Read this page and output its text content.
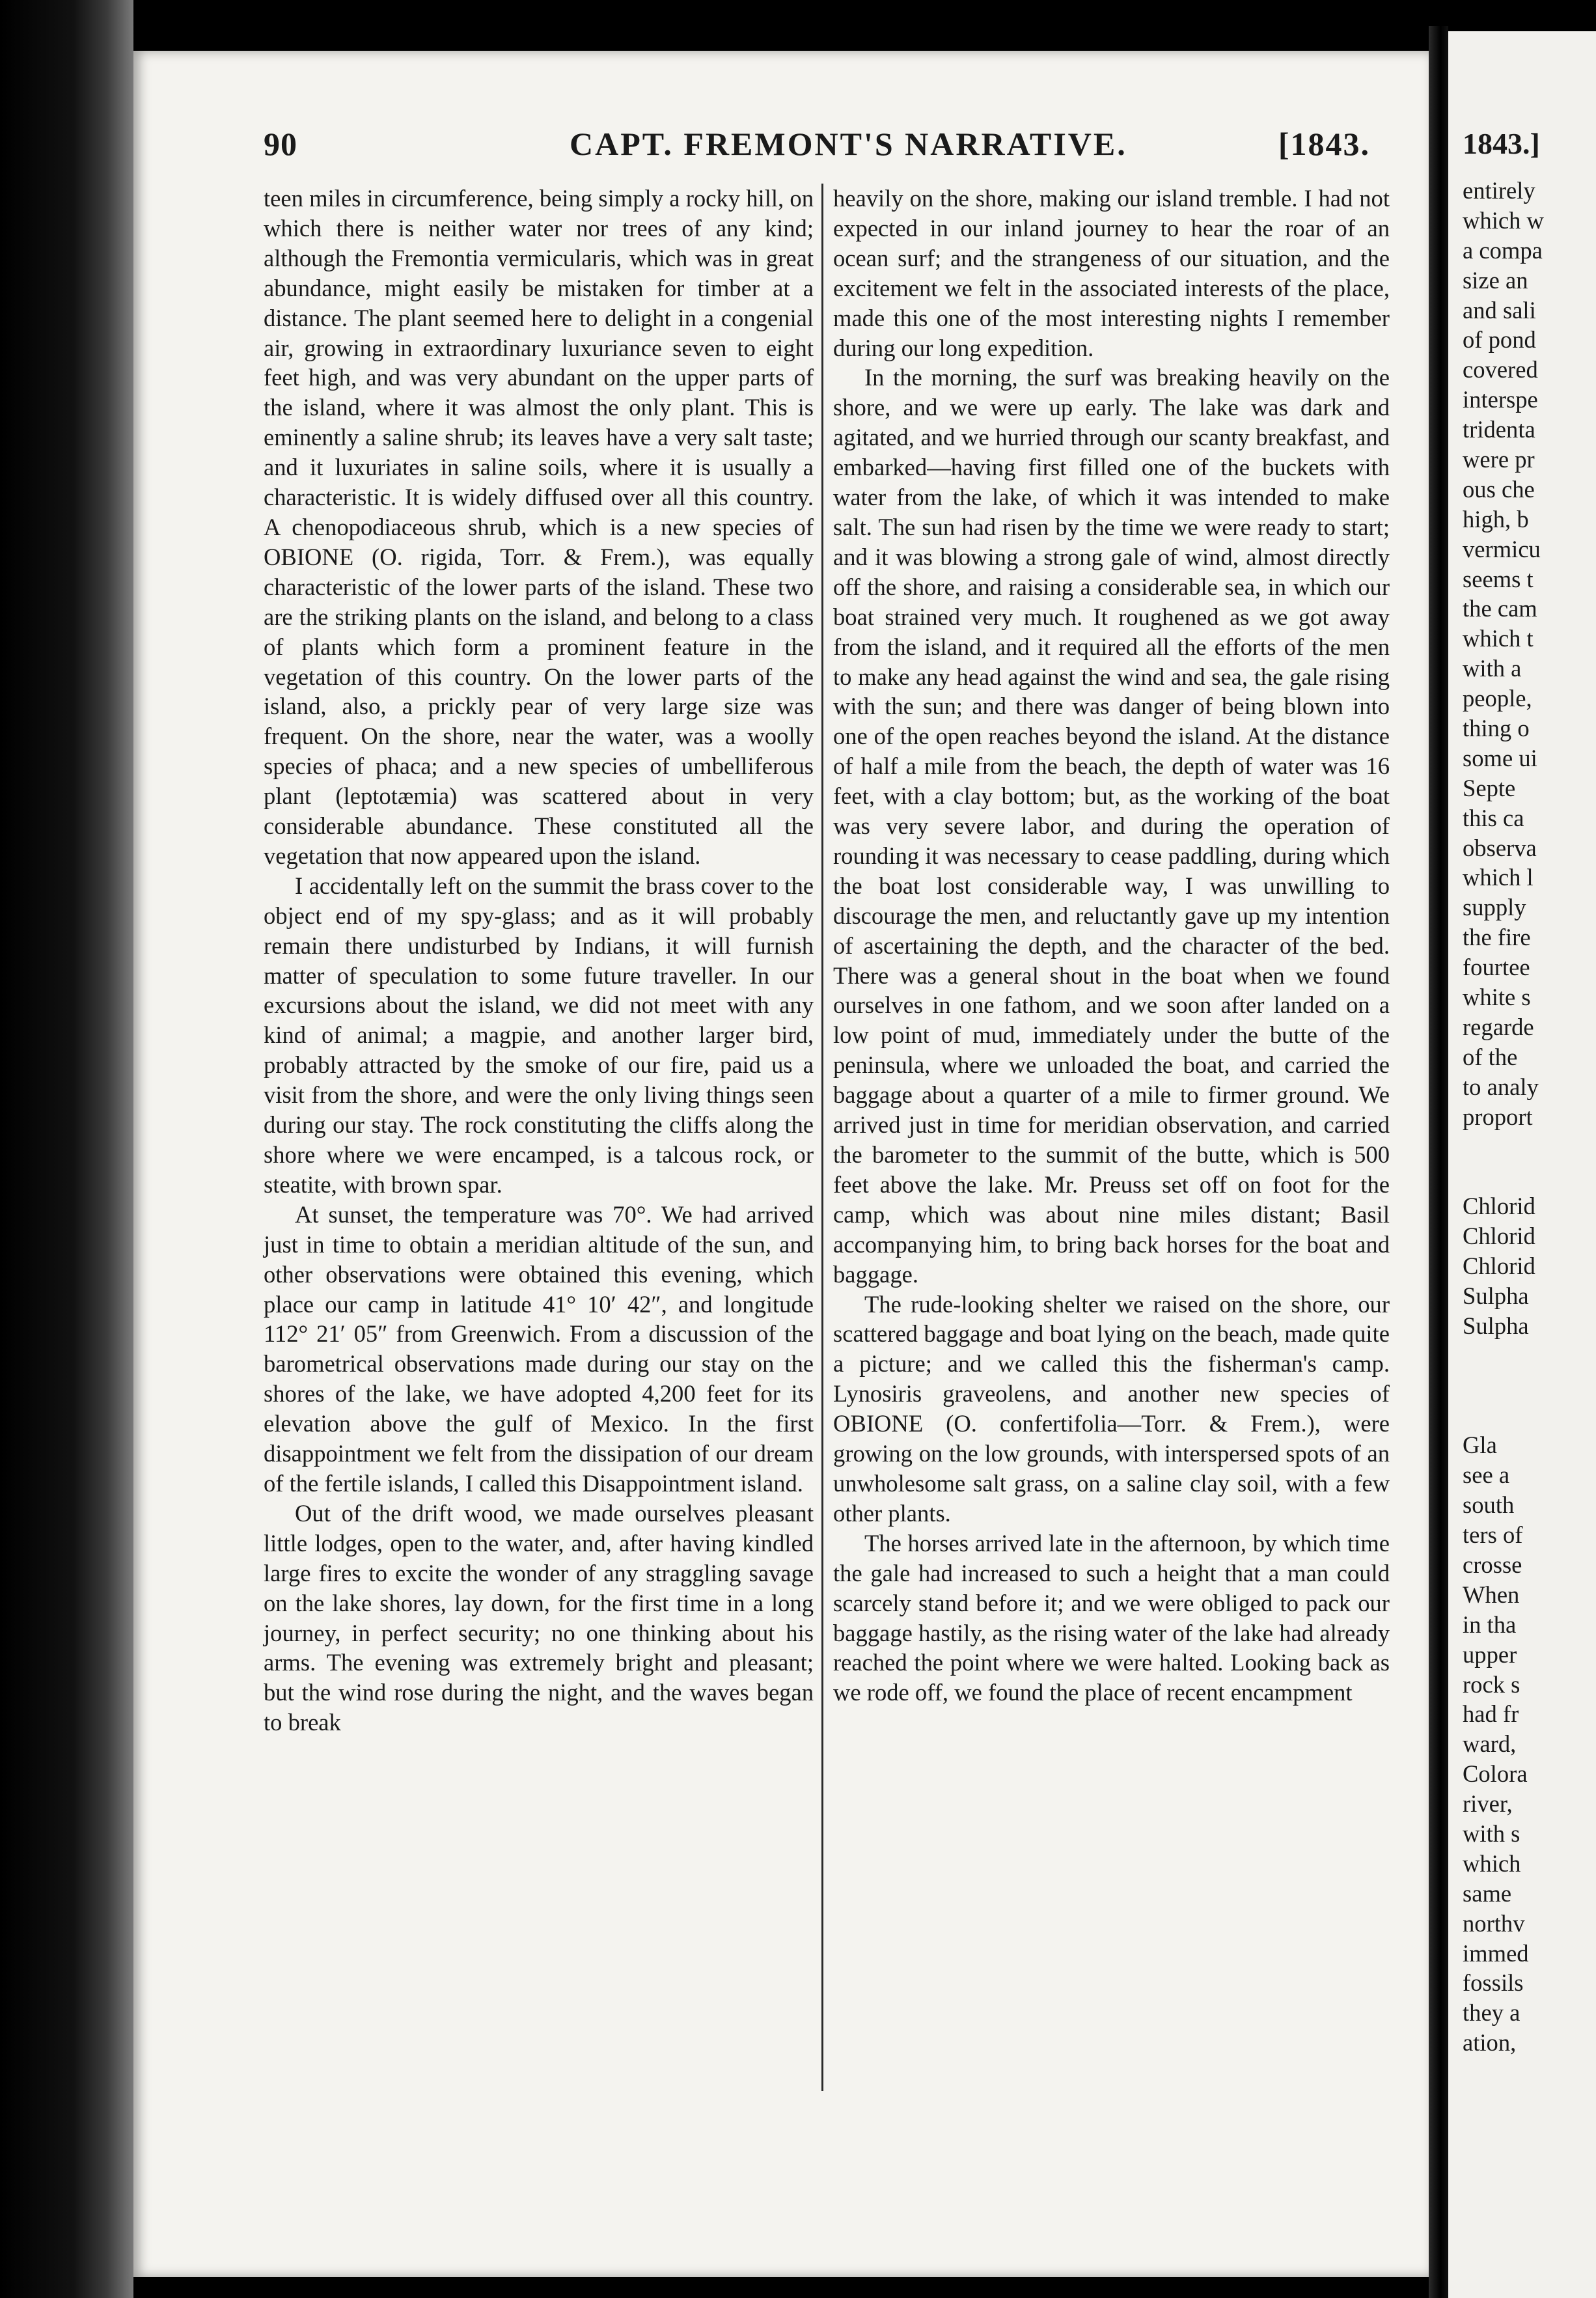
90	CAPT. FREMONT'S NARRATIVE.	[1843.

teen miles in circumference, being simply a rocky hill, on which there is neither water nor trees of any kind; although the Fremontia vermicularis, which was in great abundance, might easily be mistaken for timber at a distance. The plant seemed here to delight in a congenial air, growing in extraordinary luxuriance seven to eight feet high, and was very abundant on the upper parts of the island, where it was almost the only plant. This is eminently a saline shrub; its leaves have a very salt taste; and it luxuriates in saline soils, where it is usually a characteristic. It is widely diffused over all this country. A chenopodiaceous shrub, which is a new species of OBIONE (O. rigida, Torr. & Frem.), was equally characteristic of the lower parts of the island. These two are the striking plants on the island, and belong to a class of plants which form a prominent feature in the vegetation of this country. On the lower parts of the island, also, a prickly pear of very large size was frequent. On the shore, near the water, was a woolly species of phaca; and a new species of umbelliferous plant (leptotæmia) was scattered about in very considerable abundance. These constituted all the vegetation that now appeared upon the island.

I accidentally left on the summit the brass cover to the object end of my spy-glass; and as it will probably remain there undisturbed by Indians, it will furnish matter of speculation to some future traveller. In our excursions about the island, we did not meet with any kind of animal; a magpie, and another larger bird, probably attracted by the smoke of our fire, paid us a visit from the shore, and were the only living things seen during our stay. The rock constituting the cliffs along the shore where we were encamped, is a talcous rock, or steatite, with brown spar.

At sunset, the temperature was 70°. We had arrived just in time to obtain a meridian altitude of the sun, and other observations were obtained this evening, which place our camp in latitude 41° 10′ 42″, and longitude 112° 21′ 05″ from Greenwich. From a discussion of the barometrical observations made during our stay on the shores of the lake, we have adopted 4,200 feet for its elevation above the gulf of Mexico. In the first disappointment we felt from the dissipation of our dream of the fertile islands, I called this Disappointment island.

Out of the drift wood, we made ourselves pleasant little lodges, open to the water, and, after having kindled large fires to excite the wonder of any straggling savage on the lake shores, lay down, for the first time in a long journey, in perfect security; no one thinking about his arms. The evening was extremely bright and pleasant; but the wind rose during the night, and the waves began to break

heavily on the shore, making our island tremble. I had not expected in our inland journey to hear the roar of an ocean surf; and the strangeness of our situation, and the excitement we felt in the associated interests of the place, made this one of the most interesting nights I remember during our long expedition.

In the morning, the surf was breaking heavily on the shore, and we were up early. The lake was dark and agitated, and we hurried through our scanty breakfast, and embarked—having first filled one of the buckets with water from the lake, of which it was intended to make salt. The sun had risen by the time we were ready to start; and it was blowing a strong gale of wind, almost directly off the shore, and raising a considerable sea, in which our boat strained very much. It roughened as we got away from the island, and it required all the efforts of the men to make any head against the wind and sea, the gale rising with the sun; and there was danger of being blown into one of the open reaches beyond the island. At the distance of half a mile from the beach, the depth of water was 16 feet, with a clay bottom; but, as the working of the boat was very severe labor, and during the operation of rounding it was necessary to cease paddling, during which the boat lost considerable way, I was unwilling to discourage the men, and reluctantly gave up my intention of ascertaining the depth, and the character of the bed. There was a general shout in the boat when we found ourselves in one fathom, and we soon after landed on a low point of mud, immediately under the butte of the peninsula, where we unloaded the boat, and carried the baggage about a quarter of a mile to firmer ground. We arrived just in time for meridian observation, and carried the barometer to the summit of the butte, which is 500 feet above the lake. Mr. Preuss set off on foot for the camp, which was about nine miles distant; Basil accompanying him, to bring back horses for the boat and baggage.

The rude-looking shelter we raised on the shore, our scattered baggage and boat lying on the beach, made quite a picture; and we called this the fisherman's camp. Lynosiris graveolens, and another new species of OBIONE (O. confertifolia—Torr. & Frem.), were growing on the low grounds, with interspersed spots of an unwholesome salt grass, on a saline clay soil, with a few other plants.

The horses arrived late in the afternoon, by which time the gale had increased to such a height that a man could scarcely stand before it; and we were obliged to pack our baggage hastily, as the rising water of the lake had already reached the point where we were halted. Looking back as we rode off, we found the place of recent encampment

1843.]
entirely
which w
a compa
size an
and sali
of pond
covered
interspe
tridenta
were pr
ous che
high, b
vermicu
seems t
the cam
which t
with a
people,
thing o
some ui
Septe
this ca
observa
which l
supply
the fire
fourtee
white s
regarde
of the
to analy
proport
Chlorid
Chlorid
Chlorid
Sulpha
Sulpha
Gla
see a
south
ters of
crosse
When
in tha
upper
rock s
had fr
ward,
Colora
river,
with s
which
same
northv
immed
fossils
they a
ation,
